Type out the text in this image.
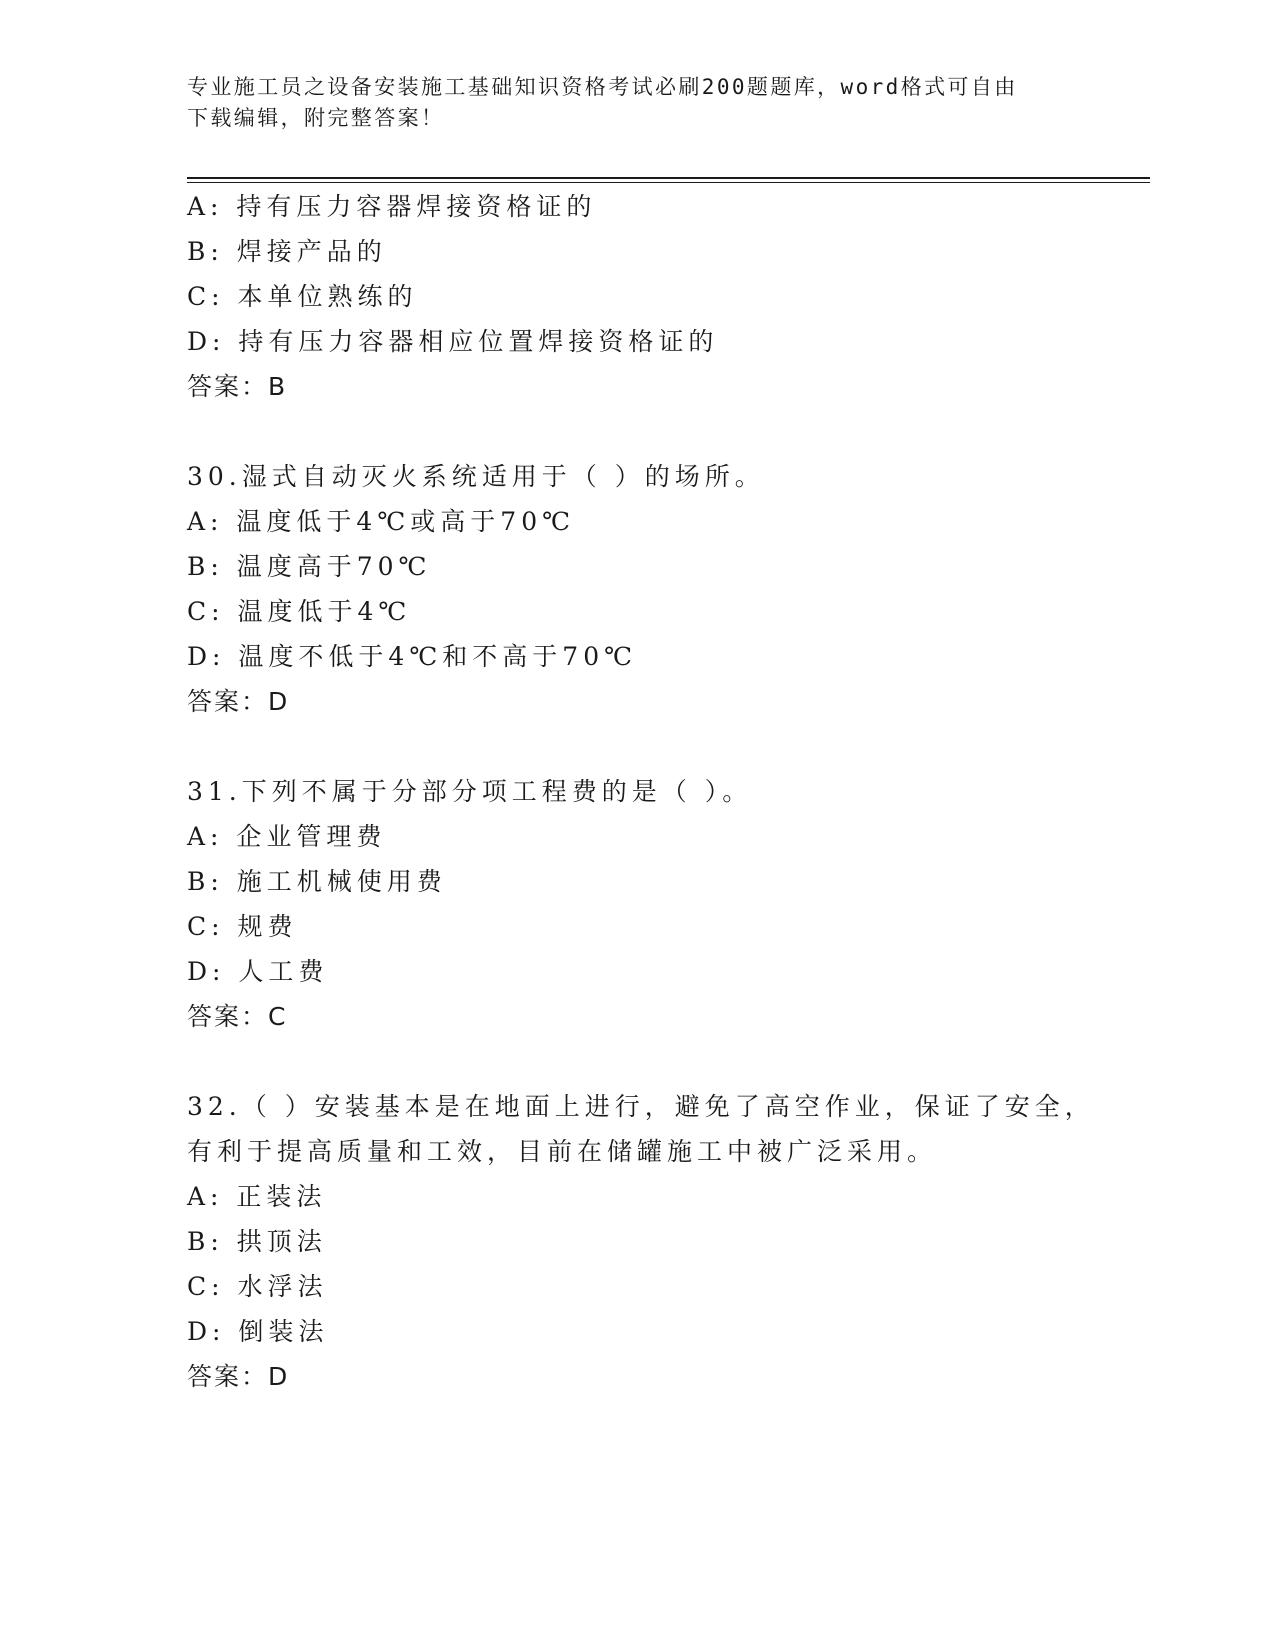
专业施工员之设备安装施工基础知识资格考试必刷200题题库，word格式可自由
下载编辑，附完整答案！
A: 持有压力容器焊接资格证的
B: 焊接产品的
C: 本单位熟练的
D: 持有压力容器相应位置焊接资格证的
答案：B
30.湿式自动灭火系统适用于（ ）的场所。
A: 温度低于4℃或高于70℃
B: 温度高于70℃
C: 温度低于4℃
D: 温度不低于4℃和不高于70℃
答案：D
31.下列不属于分部分项工程费的是（ ）。
A: 企业管理费
B: 施工机械使用费
C: 规费
D: 人工费
答案：C
32.（ ）安装基本是在地面上进行，避免了高空作业，保证了安全，
有利于提高质量和工效，目前在储罐施工中被广泛采用。
A: 正装法
B: 拱顶法
C: 水浮法
D: 倒装法
答案：D
